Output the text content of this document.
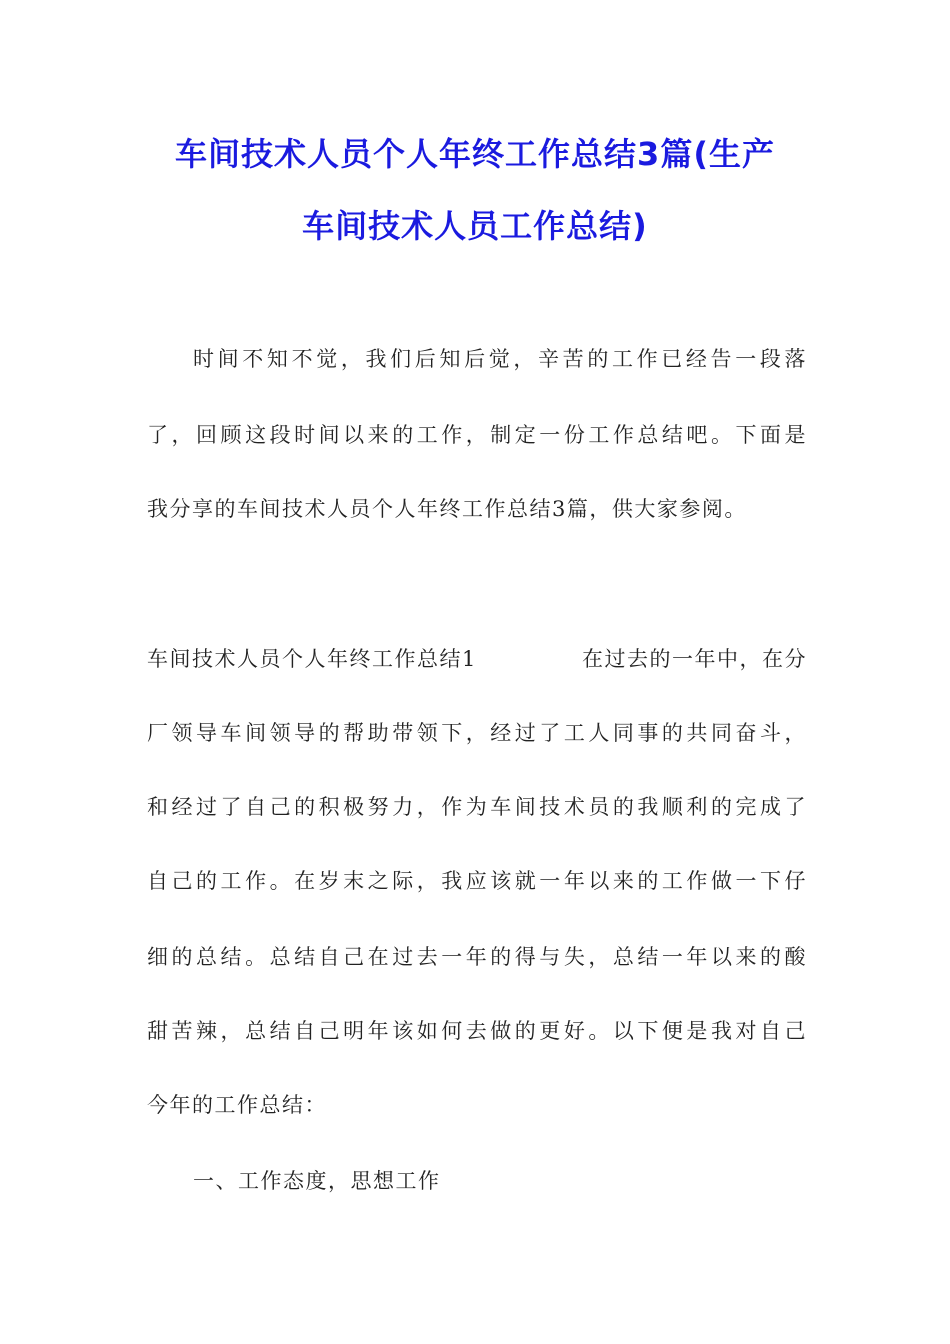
车间技术人员个人年终工作总结3篇(生产
车间技术人员工作总结)
时间不知不觉，我们后知后觉，辛苦的工作已经告一段落
了，回顾这段时间以来的工作，制定一份工作总结吧。下面是
我分享的车间技术人员个人年终工作总结3篇，供大家参阅。
车间技术人员个人年终工作总结1	在过去的一年中，在分
厂领导车间领导的帮助带领下，经过了工人同事的共同奋斗，
和经过了自己的积极努力，作为车间技术员的我顺利的完成了
自己的工作。在岁末之际，我应该就一年以来的工作做一下仔
细的总结。总结自己在过去一年的得与失，总结一年以来的酸
甜苦辣，总结自己明年该如何去做的更好。以下便是我对自己
今年的工作总结：
一、工作态度，思想工作
